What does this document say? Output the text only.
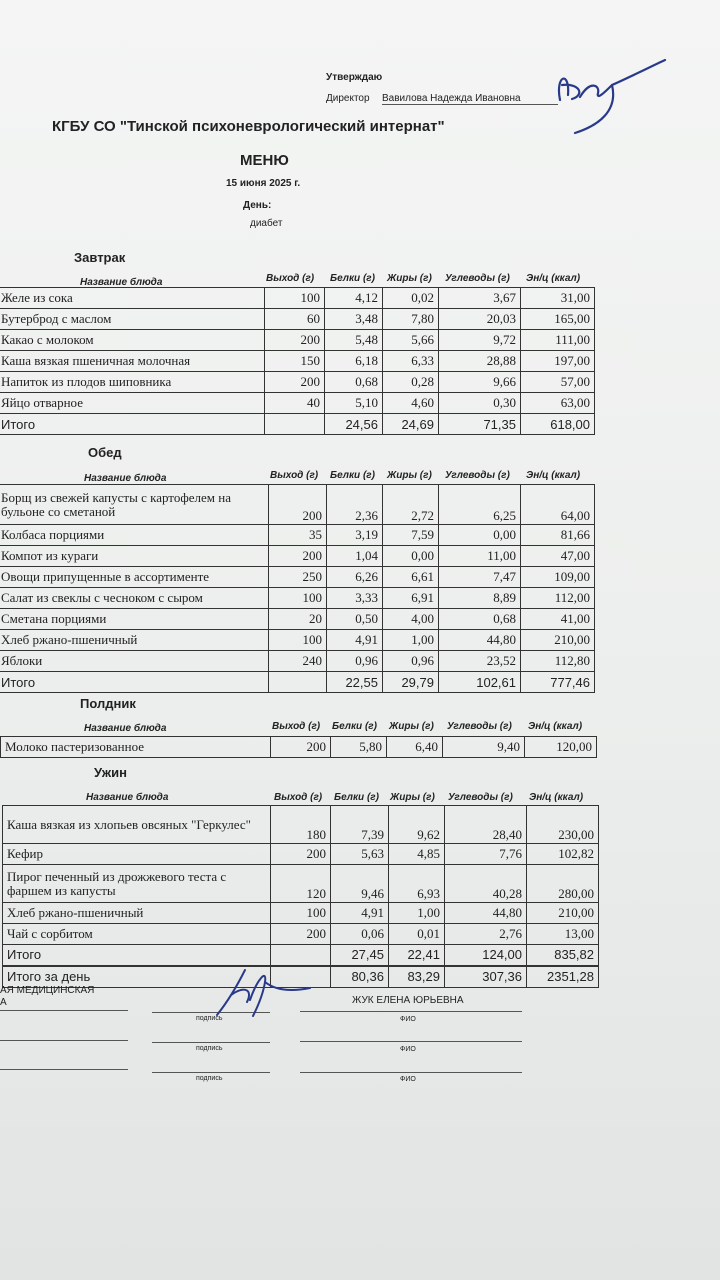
Утверждаю
Директор Вавилова Надежда Ивановна
КГБУ СО "Тинской психоневрологический интернат"
МЕНЮ
15 июня 2025 г.
День:
диабет
Завтрак
Название блюда	Выход (г) Белки (г) Жиры (г) Углеводы (г) Эн/ц (ккал)
Желе из сока	100	4,12	0,02	3,67	31,00
Бутерброд с маслом	60	3,48	7,80	20,03	165,00
Какао с молоком	200	5,48	5,66	9,72	111,00
Каша вязкая пшеничная молочная	150	6,18	6,33	28,88	197,00
Напиток из плодов шиповника	200	0,68	0,28	9,66	57,00
Яйцо отварное	40	5,10	4,60	0,30	63,00
Итого		24,56	24,69	71,35	618,00
Обед
Название блюда	Выход (г) Белки (г) Жиры (г) Углеводы (г) Эн/ц (ккал)
Борщ из свежей капусты с картофелем на бульоне со сметаной	200	2,36	2,72	6,25	64,00
Колбаса порциями	35	3,19	7,59	0,00	81,66
Компот из кураги	200	1,04	0,00	11,00	47,00
Овощи припущенные в ассортименте	250	6,26	6,61	7,47	109,00
Салат из свеклы с чесноком с сыром	100	3,33	6,91	8,89	112,00
Сметана порциями	20	0,50	4,00	0,68	41,00
Хлеб ржано-пшеничный	100	4,91	1,00	44,80	210,00
Яблоки	240	0,96	0,96	23,52	112,80
Итого		22,55	29,79	102,61	777,46
Полдник
Название блюда	Выход (г) Белки (г) Жиры (г) Углеводы (г) Эн/ц (ккал)
Молоко пастеризованное	200	5,80	6,40	9,40	120,00
Ужин
Название блюда	Выход (г) Белки (г) Жиры (г) Углеводы (г) Эн/ц (ккал)
Каша вязкая из хлопьев овсяных "Геркулес"	180	7,39	9,62	28,40	230,00
Кефир	200	5,63	4,85	7,76	102,82
Пирог печенный из дрожжевого теста с фаршем из капусты	120	9,46	6,93	40,28	280,00
Хлеб ржано-пшеничный	100	4,91	1,00	44,80	210,00
Чай с сорбитом	200	0,06	0,01	2,76	13,00
Итого		27,45	22,41	124,00	835,82
Итого за день		80,36	83,29	307,36	2351,28
АЯ МЕДИЦИНСКАЯ
А	ЖУК ЕЛЕНА ЮРЬЕВНА
подпись	ФИО
подпись	ФИО
подпись	ФИО
